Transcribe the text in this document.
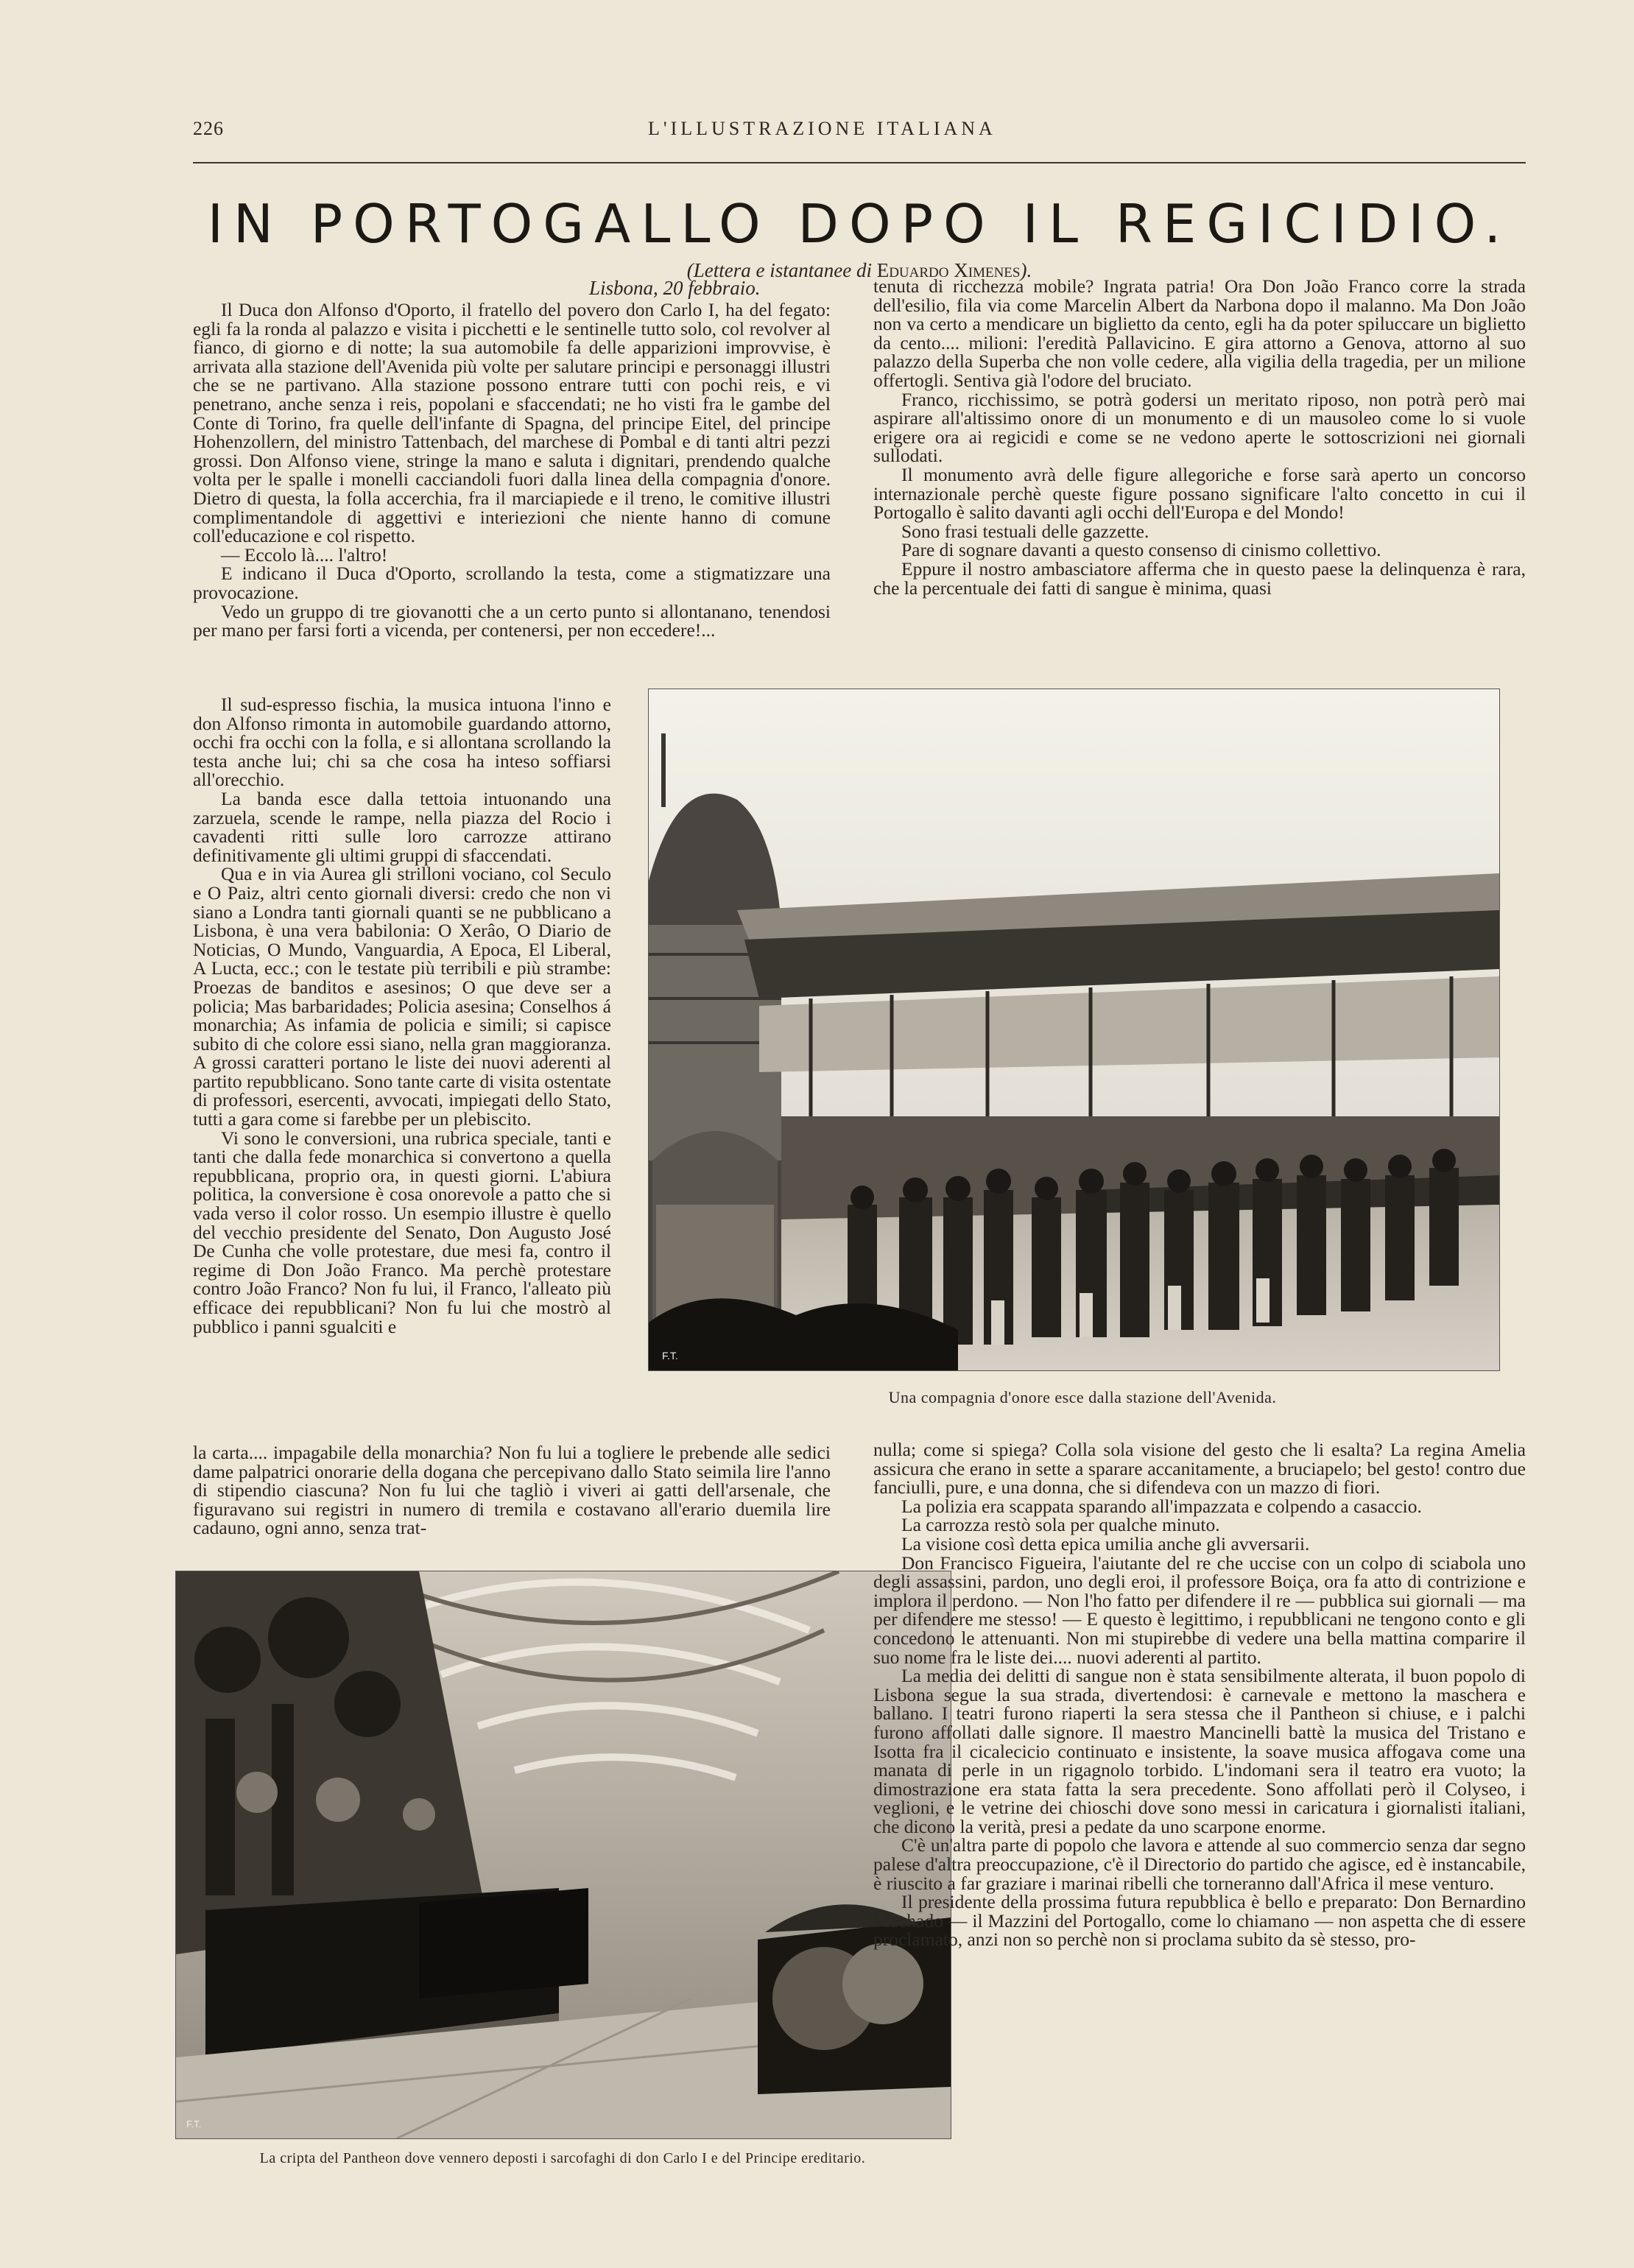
226	L'ILLUSTRAZIONE ITALIANA
IN PORTOGALLO DOPO IL REGICIDIO.
(Lettera e istantanee di Eduardo Ximenes).
Lisbona, 20 febbraio.

Il Duca don Alfonso d'Oporto, il fratello del povero don Carlo I, ha del fegato: egli fa la ronda al palazzo e visita i picchetti e le sentinelle tutto solo, col revolver al fianco, di giorno e di notte; la sua automobile fa delle apparizioni improvvise, è arrivata alla stazione dell'Avenida più volte per salutare principi e personaggi illustri che se ne partivano. Alla stazione possono entrare tutti con pochi reis, e vi penetrano, anche senza i reis, popolani e sfaccendati; ne ho visti fra le gambe del Conte di Torino, fra quelle dell'infante di Spagna, del principe Eitel, del principe Hohenzollern, del ministro Tattenbach, del marchese di Pombal e di tanti altri pezzi grossi. Don Alfonso viene, stringe la mano e saluta i dignitari, prendendo qualche volta per le spalle i monelli cacciandoli fuori dalla linea della compagnia d'onore. Dietro di questa, la folla accerchia, fra il marciapiede e il treno, le comitive illustri complimentandole di aggettivi e interiezioni che niente hanno di comune coll'educazione e col rispetto.

— Eccolo là.... l'altro!

E indicano il Duca d'Oporto, scrollando la testa, come a stigmatizzare una provocazione.

Vedo un gruppo di tre giovanotti che a un certo punto si allontanano, tenendosi per mano per farsi forti a vicenda, per contenersi, per non eccedere!...

tenuta di ricchezza mobile? Ingrata patria! Ora Don João Franco corre la strada dell'esilio, fila via come Marcelin Albert da Narbona dopo il malanno. Ma Don João non va certo a mendicare un biglietto da cento, egli ha da poter spiluccare un biglietto da cento.... milioni: l'eredità Pallavicino. E gira attorno a Genova, attorno al suo palazzo della Superba che non volle cedere, alla vigilia della tragedia, per un milione offertogli. Sentiva già l'odore del bruciato.

Franco, ricchissimo, se potrà godersi un meritato riposo, non potrà però mai aspirare all'altissimo onore di un monumento e di un mausoleo come lo si vuole erigere ora ai regicidi e come se ne vedono aperte le sottoscrizioni nei giornali sullodati.

Il monumento avrà delle figure allegoriche e forse sarà aperto un concorso internazionale perchè queste figure possano significare l'alto concetto in cui il Portogallo è salito davanti agli occhi dell'Europa e del Mondo!

Sono frasi testuali delle gazzette.

Pare di sognare davanti a questo consenso di cinismo collettivo.

Eppure il nostro ambasciatore afferma che in questo paese la delinquenza è rara, che la percentuale dei fatti di sangue è minima, quasi

Il sud-espresso fischia, la musica intuona l'inno e don Alfonso rimonta in automobile guardando attorno, occhi fra occhi con la folla, e si allontana scrollando la testa anche lui; chi sa che cosa ha inteso soffiarsi all'orecchio.

La banda esce dalla tettoia intuonando una zarzuela, scende le rampe, nella piazza del Rocio i cavadenti ritti sulle loro carrozze attirano definitivamente gli ultimi gruppi di sfaccendati.

Qua e in via Aurea gli strilloni vociano, col Seculo e O Paiz, altri cento giornali diversi: credo che non vi siano a Londra tanti giornali quanti se ne pubblicano a Lisbona, è una vera babilonia: O Xerâo, O Diario de Noticias, O Mundo, Vanguardia, A Epoca, El Liberal, A Lucta, ecc.; con le testate più terribili e più strambe: Proezas de banditos e asesinos; O que deve ser a policia; Mas barbaridades; Policia asesina; Conselhos á monarchia; As infamia de policia e simili; si capisce subito di che colore essi siano, nella gran maggioranza. A grossi caratteri portano le liste dei nuovi aderenti al partito repubblicano. Sono tante carte di visita ostentate di professori, esercenti, avvocati, impiegati dello Stato, tutti a gara come si farebbe per un plebiscito.

Vi sono le conversioni, una rubrica speciale, tanti e tanti che dalla fede monarchica si convertono a quella repubblicana, proprio ora, in questi giorni. L'abiura politica, la conversione è cosa onorevole a patto che si vada verso il color rosso. Un esempio illustre è quello del vecchio presidente del Senato, Don Augusto José De Cunha che volle protestare, due mesi fa, contro il regime di Don João Franco. Ma perchè protestare contro João Franco? Non fu lui, il Franco, l'alleato più efficace dei repubblicani? Non fu lui che mostrò al pubblico i panni sgualciti e

F.T.
Una compagnia d'onore esce dalla stazione dell'Avenida.

la carta.... impagabile della monarchia? Non fu lui a togliere le prebende alle sedici dame palpatrici onorarie della dogana che percepivano dallo Stato seimila lire l'anno di stipendio ciascuna? Non fu lui che tagliò i viveri ai gatti dell'arsenale, che figuravano sui registri in numero di tremila e costavano all'erario duemila lire cadauno, ogni anno, senza trat-

F.T.
La cripta del Pantheon dove vennero deposti i sarcofaghi di don Carlo I e del Principe ereditario.

nulla; come si spiega? Colla sola visione del gesto che li esalta? La regina Amelia assicura che erano in sette a sparare accanitamente, a bruciapelo; bel gesto! contro due fanciulli, pure, e una donna, che si difendeva con un mazzo di fiori.

La polizia era scappata sparando all'impazzata e colpendo a casaccio.

La carrozza restò sola per qualche minuto.

La visione così detta epica umilia anche gli avversarii.

Don Francisco Figueira, l'aiutante del re che uccise con un colpo di sciabola uno degli assassini, pardon, uno degli eroi, il professore Boiça, ora fa atto di contrizione e implora il perdono. — Non l'ho fatto per difendere il re — pubblica sui giornali — ma per difendere me stesso! — E questo è legittimo, i repubblicani ne tengono conto e gli concedono le attenuanti. Non mi stupirebbe di vedere una bella mattina comparire il suo nome fra le liste dei.... nuovi aderenti al partito.

La media dei delitti di sangue non è stata sensibilmente alterata, il buon popolo di Lisbona segue la sua strada, divertendosi: è carnevale e mettono la maschera e ballano. I teatri furono riaperti la sera stessa che il Pantheon si chiuse, e i palchi furono affollati dalle signore. Il maestro Mancinelli battè la musica del Tristano e Isotta fra il cicalecicio continuato e insistente, la soave musica affogava come una manata di perle in un rigagnolo torbido. L'indomani sera il teatro era vuoto; la dimostrazione era stata fatta la sera precedente. Sono affollati però il Colyseo, i veglioni, e le vetrine dei chioschi dove sono messi in caricatura i giornalisti italiani, che dicono la verità, presi a pedate da uno scarpone enorme.

C'è un'altra parte di popolo che lavora e attende al suo commercio senza dar segno palese d'altra preoccupazione, c'è il Directorio do partido che agisce, ed è instancabile, è riuscito a far graziare i marinai ribelli che torneranno dall'Africa il mese venturo.

Il presidente della prossima futura repubblica è bello e preparato: Don Bernardino Machado — il Mazzini del Portogallo, come lo chiamano — non aspetta che di essere proclamato, anzi non so perchè non si proclama subito da sè stesso, pro-
